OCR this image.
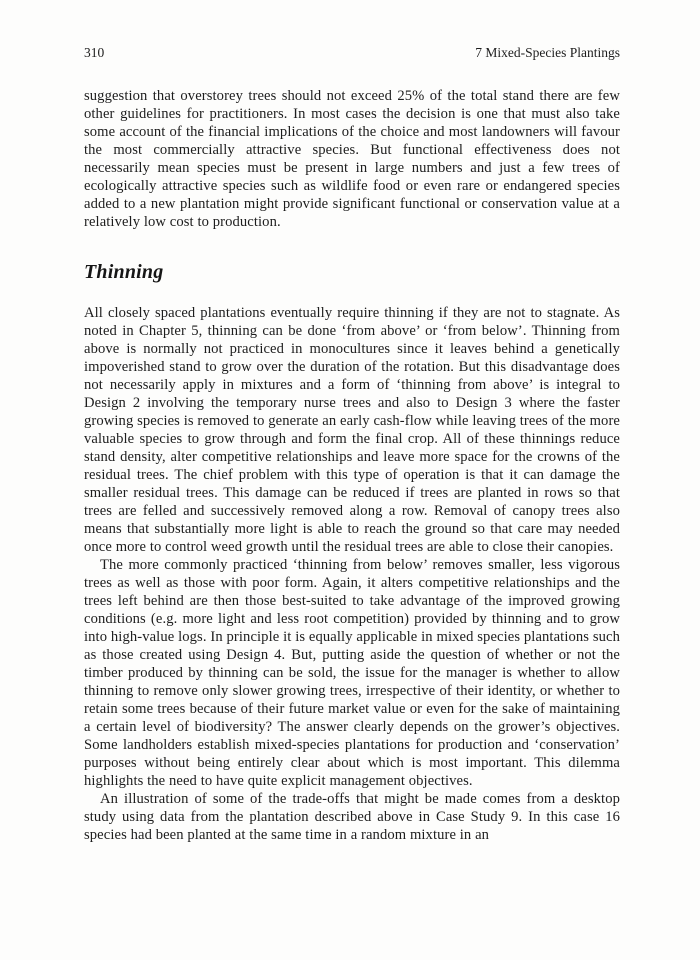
310	7 Mixed-Species Plantings

suggestion that overstorey trees should not exceed 25% of the total stand there are few other guidelines for practitioners. In most cases the decision is one that must also take some account of the financial implications of the choice and most landowners will favour the most commercially attractive species. But functional effectiveness does not necessarily mean species must be present in large numbers and just a few trees of ecologically attractive species such as wildlife food or even rare or endangered species added to a new plantation might provide significant functional or conservation value at a relatively low cost to production.

Thinning

All closely spaced plantations eventually require thinning if they are not to stagnate. As noted in Chapter 5, thinning can be done ‘from above’ or ‘from below’. Thinning from above is normally not practiced in monocultures since it leaves behind a genetically impoverished stand to grow over the duration of the rotation. But this disadvantage does not necessarily apply in mixtures and a form of ‘thinning from above’ is integral to Design 2 involving the temporary nurse trees and also to Design 3 where the faster growing species is removed to generate an early cash-flow while leaving trees of the more valuable species to grow through and form the final crop. All of these thinnings reduce stand density, alter competitive relationships and leave more space for the crowns of the residual trees. The chief problem with this type of operation is that it can damage the smaller residual trees. This damage can be reduced if trees are planted in rows so that trees are felled and successively removed along a row. Removal of canopy trees also means that substantially more light is able to reach the ground so that care may needed once more to control weed growth until the residual trees are able to close their canopies.

The more commonly practiced ‘thinning from below’ removes smaller, less vigorous trees as well as those with poor form. Again, it alters competitive relationships and the trees left behind are then those best-suited to take advantage of the improved growing conditions (e.g. more light and less root competition) provided by thinning and to grow into high-value logs. In principle it is equally applicable in mixed species plantations such as those created using Design 4. But, putting aside the question of whether or not the timber produced by thinning can be sold, the issue for the manager is whether to allow thinning to remove only slower growing trees, irrespective of their identity, or whether to retain some trees because of their future market value or even for the sake of maintaining a certain level of biodiversity? The answer clearly depends on the grower’s objectives. Some landholders establish mixed-species plantations for production and ‘conservation’ purposes without being entirely clear about which is most important. This dilemma highlights the need to have quite explicit management objectives.

An illustration of some of the trade-offs that might be made comes from a desktop study using data from the plantation described above in Case Study 9. In this case 16 species had been planted at the same time in a random mixture in an
